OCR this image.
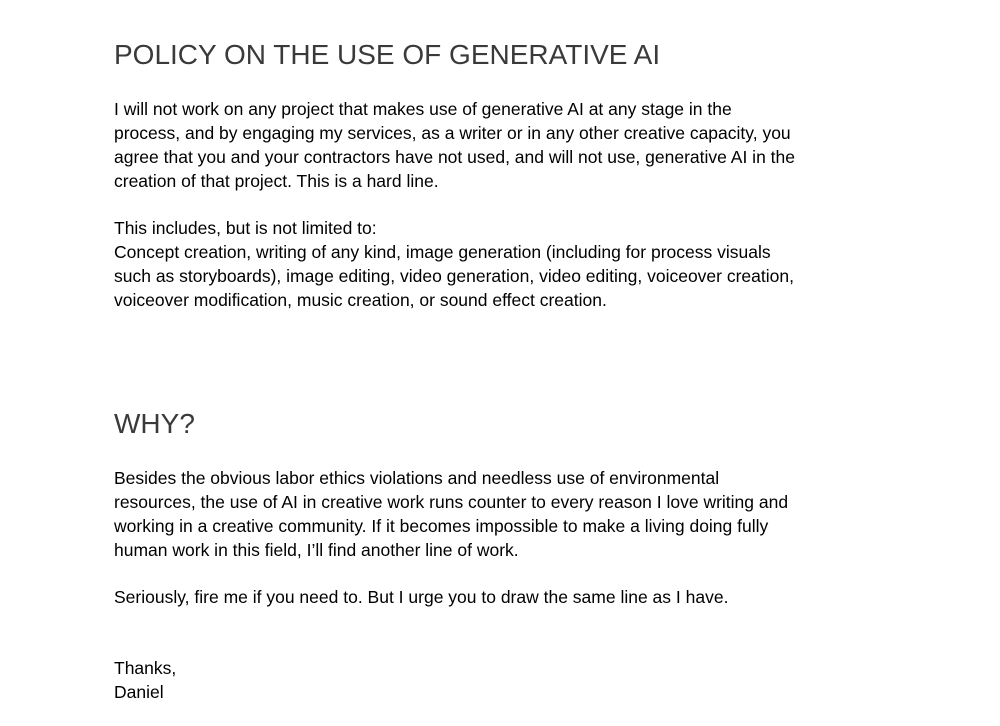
POLICY ON THE USE OF GENERATIVE AI

I will not work on any project that makes use of generative AI at any stage in the
process, and by engaging my services, as a writer or in any other creative capacity, you
agree that you and your contractors have not used, and will not use, generative AI in the
creation of that project. This is a hard line.

This includes, but is not limited to:
Concept creation, writing of any kind, image generation (including for process visuals
such as storyboards), image editing, video generation, video editing, voiceover creation,
voiceover modification, music creation, or sound effect creation.

WHY?

Besides the obvious labor ethics violations and needless use of environmental
resources, the use of AI in creative work runs counter to every reason I love writing and
working in a creative community. If it becomes impossible to make a living doing fully
human work in this field, I’ll find another line of work.

Seriously, fire me if you need to. But I urge you to draw the same line as I have.

Thanks,
Daniel
